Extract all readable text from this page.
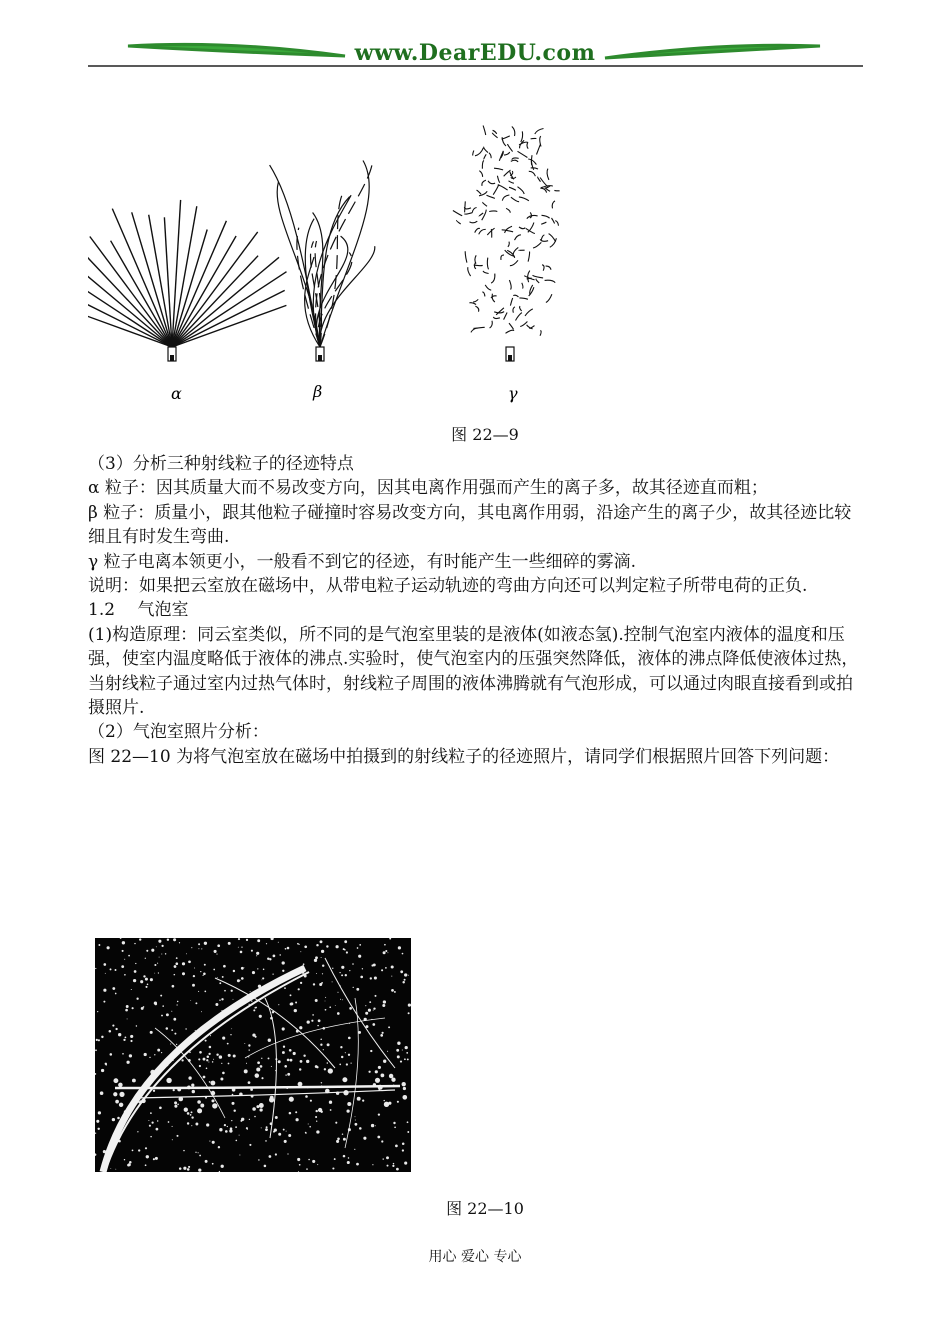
www.DearEDU.com
α	β	γ
图 22—9

（3）分析三种射线粒子的径迹特点

α 粒子：因其质量大而不易改变方向，因其电离作用强而产生的离子多，故其径迹直而粗；

β 粒子：质量小，跟其他粒子碰撞时容易改变方向，其电离作用弱，沿途产生的离子少，故其径迹比较细且有时发生弯曲.

γ 粒子电离本领更小，一般看不到它的径迹，有时能产生一些细碎的雾滴.

说明：如果把云室放在磁场中，从带电粒子运动轨迹的弯曲方向还可以判定粒子所带电荷的正负.

1.2　 气泡室

(1)构造原理：同云室类似，所不同的是气泡室里装的是液体(如液态氢).控制气泡室内液体的温度和压强，使室内温度略低于液体的沸点.实验时，使气泡室内的压强突然降低，液体的沸点降低使液体过热，当射线粒子通过室内过热气体时，射线粒子周围的液体沸腾就有气泡形成，可以通过肉眼直接看到或拍摄照片.

（2）气泡室照片分析：

图 22—10 为将气泡室放在磁场中拍摄到的射线粒子的径迹照片，请同学们根据照片回答下列问题：

图 22—10
用心 爱心 专心
